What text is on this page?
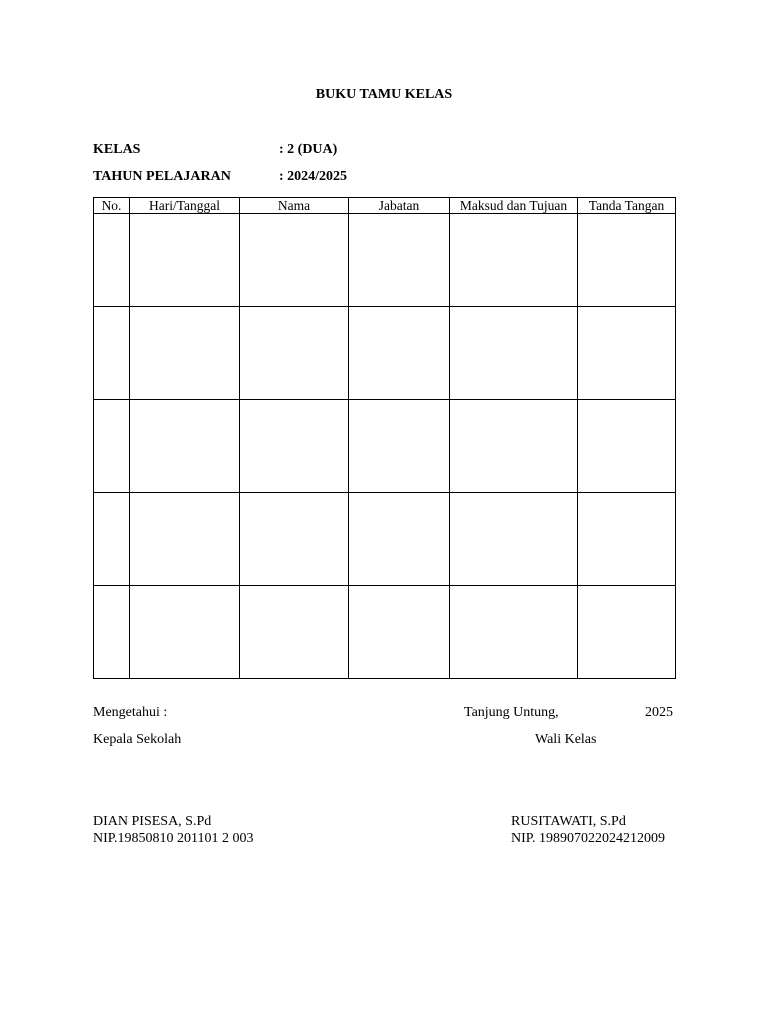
BUKU TAMU KELAS
KELAS	: 2 (DUA)
TAHUN PELAJARAN	: 2024/2025
No.	Hari/Tanggal	Nama	Jabatan	Maksud dan Tujuan	Tanda Tangan

Mengetahui :	Tanjung Untung,	2025
Kepala Sekolah	Wali Kelas
DIAN PISESA, S.Pd
NIP.19850810 201101 2 003
RUSITAWATI, S.Pd
NIP. 198907022024212009
